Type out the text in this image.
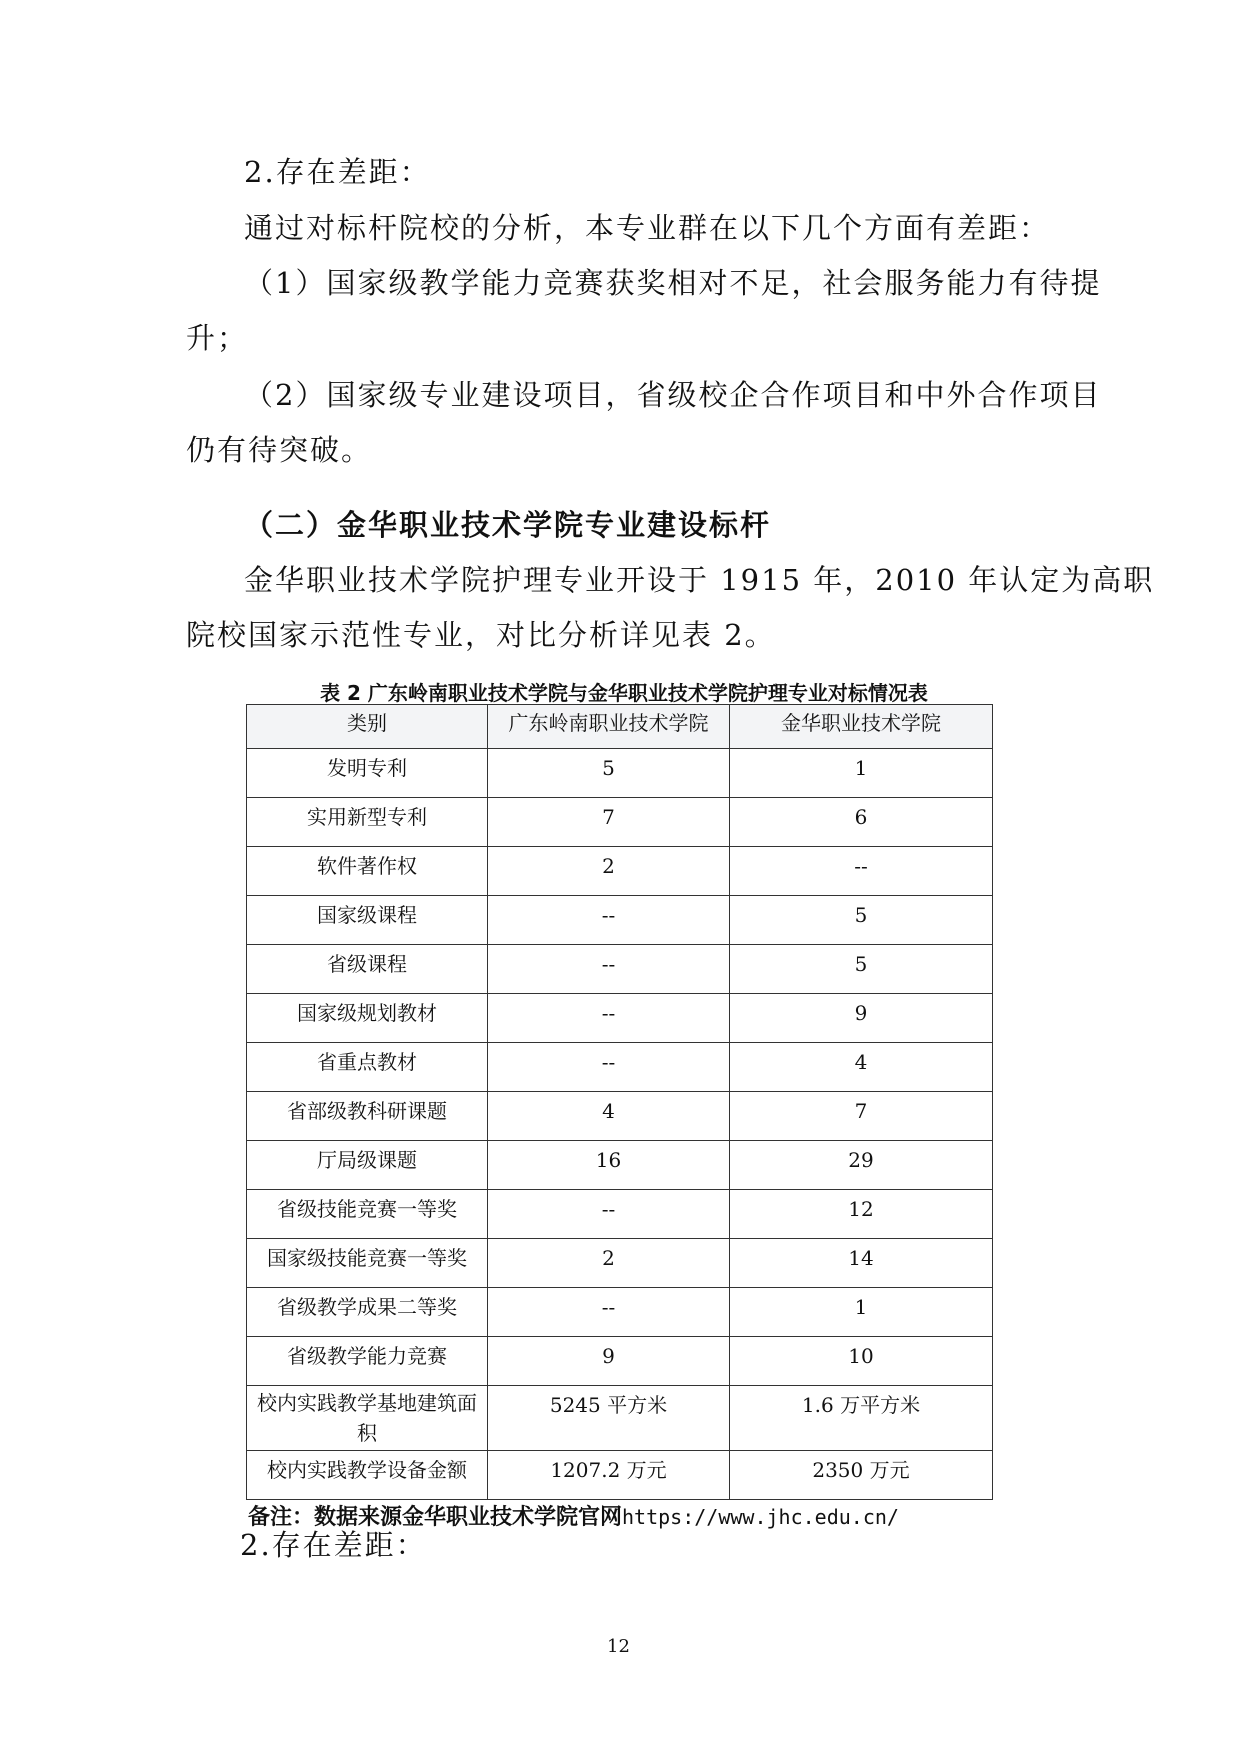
2.存在差距：

通过对标杆院校的分析，本专业群在以下几个方面有差距：

（1）国家级教学能力竞赛获奖相对不足，社会服务能力有待提

升；

（2）国家级专业建设项目，省级校企合作项目和中外合作项目

仍有待突破。

（二）金华职业技术学院专业建设标杆

金华职业技术学院护理专业开设于 1915 年，2010 年认定为高职

院校国家示范性专业，对比分析详见表 2。

表 2 广东岭南职业技术学院与金华职业技术学院护理专业对标情况表
类别	广东岭南职业技术学院	金华职业技术学院
发明专利	5	1
实用新型专利	7	6
软件著作权	2	--
国家级课程	--	5
省级课程	--	5
国家级规划教材	--	9
省重点教材	--	4
省部级教科研课题	4	7
厅局级课题	16	29
省级技能竞赛一等奖	--	12
国家级技能竞赛一等奖	2	14
省级教学成果二等奖	--	1
省级教学能力竞赛	9	10
校内实践教学基地建筑面积	5245 平方米	1.6 万平方米
校内实践教学设备金额	1207.2 万元	2350 万元
备注：数据来源金华职业技术学院官网https://www.jhc.edu.cn/

2.存在差距：

12
